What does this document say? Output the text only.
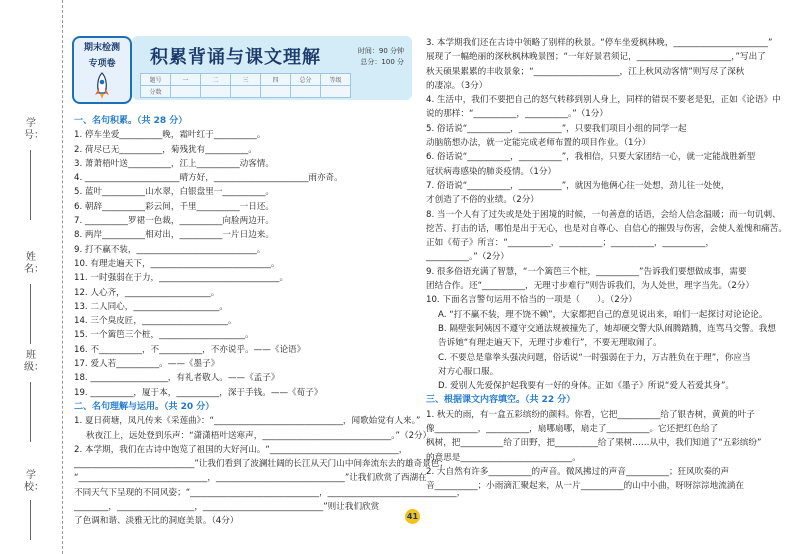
学号：
姓名：
班级：
学校：
期末检测
专项卷	积累背诵与课文理解	时间：90 分钟
总分：100 分
题号	一	二	三	四	总分	等级
分数						

一、名句积累。（共 28 分）

1. 停车坐爱__________晚，霜叶红于__________。

2. 荷尽已无__________，菊残犹有__________。

3. 萧萧梧叶送__________，江上__________动客情。

4. ______________________晴方好，______________________雨亦奇。

5. 蓝叶__________山水翠，白银盘里一__________。

6. 朝辞__________彩云间，千里__________一日还。

7. __________罗裙一色裁，__________向脸两边开。

8. 两岸__________相对出，__________一片日边来。

9. 打不赢不装，____________________________。

10. 有理走遍天下，____________________________。

11. 一时强弱在于力，____________________________。

12. 人心齐，____________________。

13. 二人同心，____________________。

14. 三个臭皮匠，____________________。

15. 一个篱笆三个桩，____________________。

16. 不__________，不__________，不亦说乎。——《论语》

17. 爱人若__________。——《墨子》

18. __________________，有礼者敬人。——《孟子》

19. __________，厦于本，__________，深于手钱。——《荀子》

二、名句理解与运用。（共 20 分）

1. 夏日荷塘，凤凡传来《采莲曲》：“______________________________，闻歌始觉有人来。”

秋夜江上，远处登到乐声：“潇潇梧叶送寒声，______________________________。”（2分）

2. 本学期，我们在古诗中饱览了祖国的大好河山。“______________________________，

____________________________”让我们看到了波澜壮阔的长江从天门山中间奔流东去的雄奇景色；

“______________________________，______________________________”让我们欣赏了西湖在

不同天气下呈现的不同风姿；“______________________________，______________________________，

________，__________________，____________________________”则让我们欣赏

了色调和谐、淡雅无比的洞庭美景。（4分）

3. 本学期我们还在古诗中领略了别样的秋景。“停车坐爱枫林晚，______________________”

展现了一幅绝丽的深秋枫林晚景图；“一年好景君须记，______________________，”写出了

秋天硕果累累的丰收景象；“____________________，江上秋风动客情”则写尽了深秋

的凄凉。（3分）

4. 生活中，我们不要把自己的怒气转移到别人身上，同样的错误不要老是犯，正如《论语》中

说的那样：“__________，__________。”（1分）

5. 俗话说“__________，__________”，只要我们项目小组的同学一起

动脑筋想办法，就一定能完成老师布置的项目作业。（1分）

6. 俗话说“__________，__________”，我相信，只要大家团结一心，就一定能战胜新型

冠状病毒感染的肺炎疫情。（1分）

7. 俗语说“__________，__________”，就因为他俩心往一处想，劲儿往一处使，

才创造了不俗的业绩。（2分）

8. 当一个人有了过失或是处于困境的时候，一句善意的话语，会给人信念温暖；而一句讥刺、

挖苦、打击的话，哪怕是出于无心，也是对自尊心、自信心的摧毁与伤害，会使人羞愧和痛苦。

正如《荀子》所言：“__________，__________；__________，__________，

__________。”（2分）

9. 很多俗语充满了智慧，“一个篱笆三个桩，__________”告诉我们要想做成事，需要

团结合作。还“__________，无理寸步难行”则告诉我们，为人处世，理字当先。（2分）

10. 下面名言警句运用不恰当的一项是（　　）。（2分）

A. “打不赢不装，理不饶不赖”，大家都把自己的意见说出来，咱们一起探讨对论论论。

B. 隔壁张阿姨因不遵守交通法规被撞先了，她却硬交警大队闹腾踏腾，连骂马交警。我想

告诉她“有理走遍天下，无理寸步难行”，不要无理取闹了。

C. 不要总是靠拳头强决问题，俗话说“一时强弱在于力，万古胜负在于理”，你应当

对方心服口服。

D. 爱别人先爱保护起我要有一好的身体。正如《墨子》所说“爱人若爱其身”。

三、根据课文内容填空。（共 22 分）

1. 秋天的雨，有一盒五彩缤纷的颜料。你看，它把__________给了银杏树，黄黄的叶子

像__________，__________，扇哪扇哪，扇走了__________。它还把红色给了

枫树，把__________给了田野，把__________给了果树……从中，我们知道了“五彩缤纷”

的意思是__________________________。

2. 大自然有许多__________的声音。微风拂过的声音__________；狂风吹奏的声

音__________；小雨滴汇聚起来，从一片__________的山中小曲，呀呀淙淙地流淌在

41
